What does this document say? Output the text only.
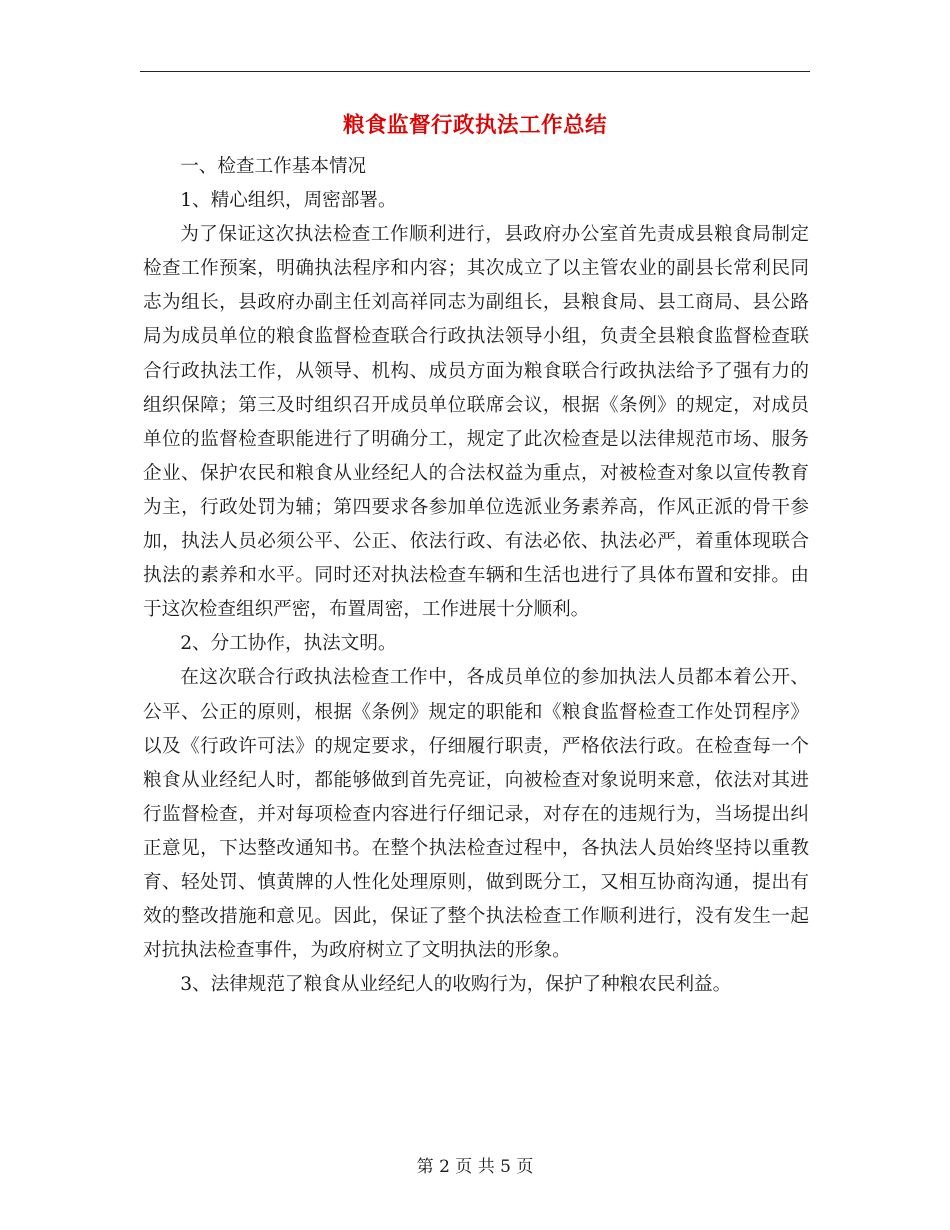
粮食监督行政执法工作总结

一、检查工作基本情况

1、精心组织，周密部署。

为了保证这次执法检查工作顺利进行，县政府办公室首先责成县粮食局制定检查工作预案，明确执法程序和内容；其次成立了以主管农业的副县长常利民同志为组长，县政府办副主任刘高祥同志为副组长，县粮食局、县工商局、县公路局为成员单位的粮食监督检查联合行政执法领导小组，负责全县粮食监督检查联合行政执法工作，从领导、机构、成员方面为粮食联合行政执法给予了强有力的组织保障；第三及时组织召开成员单位联席会议，根据《条例》的规定，对成员单位的监督检查职能进行了明确分工，规定了此次检查是以法律规范市场、服务企业、保护农民和粮食从业经纪人的合法权益为重点，对被检查对象以宣传教育为主，行政处罚为辅；第四要求各参加单位选派业务素养高，作风正派的骨干参加，执法人员必须公平、公正、依法行政、有法必依、执法必严，着重体现联合执法的素养和水平。同时还对执法检查车辆和生活也进行了具体布置和安排。由于这次检查组织严密，布置周密，工作进展十分顺利。

2、分工协作，执法文明。

在这次联合行政执法检查工作中，各成员单位的参加执法人员都本着公开、公平、公正的原则，根据《条例》规定的职能和《粮食监督检查工作处罚程序》以及《行政许可法》的规定要求，仔细履行职责，严格依法行政。在检查每一个粮食从业经纪人时，都能够做到首先亮证，向被检查对象说明来意，依法对其进行监督检查，并对每项检查内容进行仔细记录，对存在的违规行为，当场提出纠正意见，下达整改通知书。在整个执法检查过程中，各执法人员始终坚持以重教育、轻处罚、慎黄牌的人性化处理原则，做到既分工，又相互协商沟通，提出有效的整改措施和意见。因此，保证了整个执法检查工作顺利进行，没有发生一起对抗执法检查事件，为政府树立了文明执法的形象。

3、法律规范了粮食从业经纪人的收购行为，保护了种粮农民利益。

第 2 页 共 5 页
